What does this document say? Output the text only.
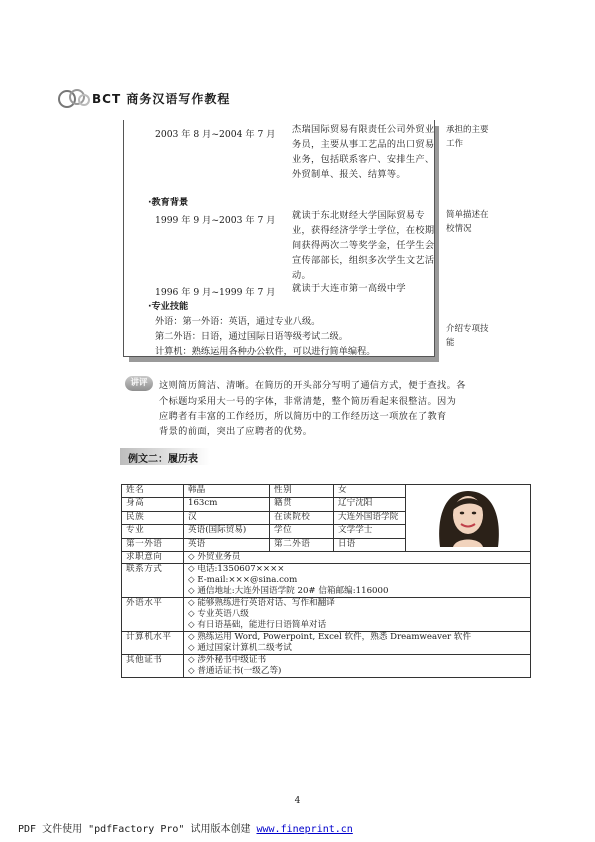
BCT 商务汉语写作教程
2003 年 8 月~2004 年 7 月 杰瑞国际贸易有限责任公司外贸业务员，主要从事工艺品的出口贸易业务，包括联系客户、安排生产、外贸制单、报关、结算等。
·教育背景
1999 年 9 月~2003 年 7 月 就读于东北财经大学国际贸易专业，获得经济学学士学位，在校期间获得两次二等奖学金，任学生会宣传部部长，组织多次学生文艺活动。
1996 年 9 月~1999 年 7 月 就读于大连市第一高级中学
·专业技能
外语：第一外语：英语，通过专业八级。
第二外语：日语，通过国际日语等级考试二级。
计算机：熟练运用各种办公软件，可以进行简单编程。
承担的主要工作
简单描述在校情况
介绍专项技能
讲评	这则简历简洁、清晰。在简历的开头部分写明了通信方式，便于查找。各
个标题均采用大一号的字体，非常清楚，整个简历看起来很整洁。因为
应聘者有丰富的工作经历，所以简历中的工作经历这一项放在了教育
背景的前面，突出了应聘者的优势。
例文二：履历表
姓名	韩晶	性别	女	
身高	163cm	籍贯	辽宁沈阳	
民族	汉	在读院校	大连外国语学院	
专业	英语(国际贸易)	学位	文学学士	
第一外语	英语	第二外语	日语	
求职意向	◇ 外贸业务员			

联系方式	◇ 电话:1350607××××
◇ E-mail:×××@sina.com
◇ 通信地址:大连外国语学院 20# 信箱邮编:116000			

外语水平	◇ 能够熟练进行英语对话、写作和翻译
◇ 专业英语八级
◇ 有日语基础，能进行日语简单对话			

计算机水平	◇ 熟练运用 Word, Powerpoint, Excel 软件，熟悉 Dreamweaver 软件
◇ 通过国家计算机二级考试			

其他证书	◇ 涉外秘书中级证书
◇ 普通话证书(一级乙等)			
4
PDF 文件使用 "pdfFactory Pro" 试用版本创建 www.fineprint.cn
